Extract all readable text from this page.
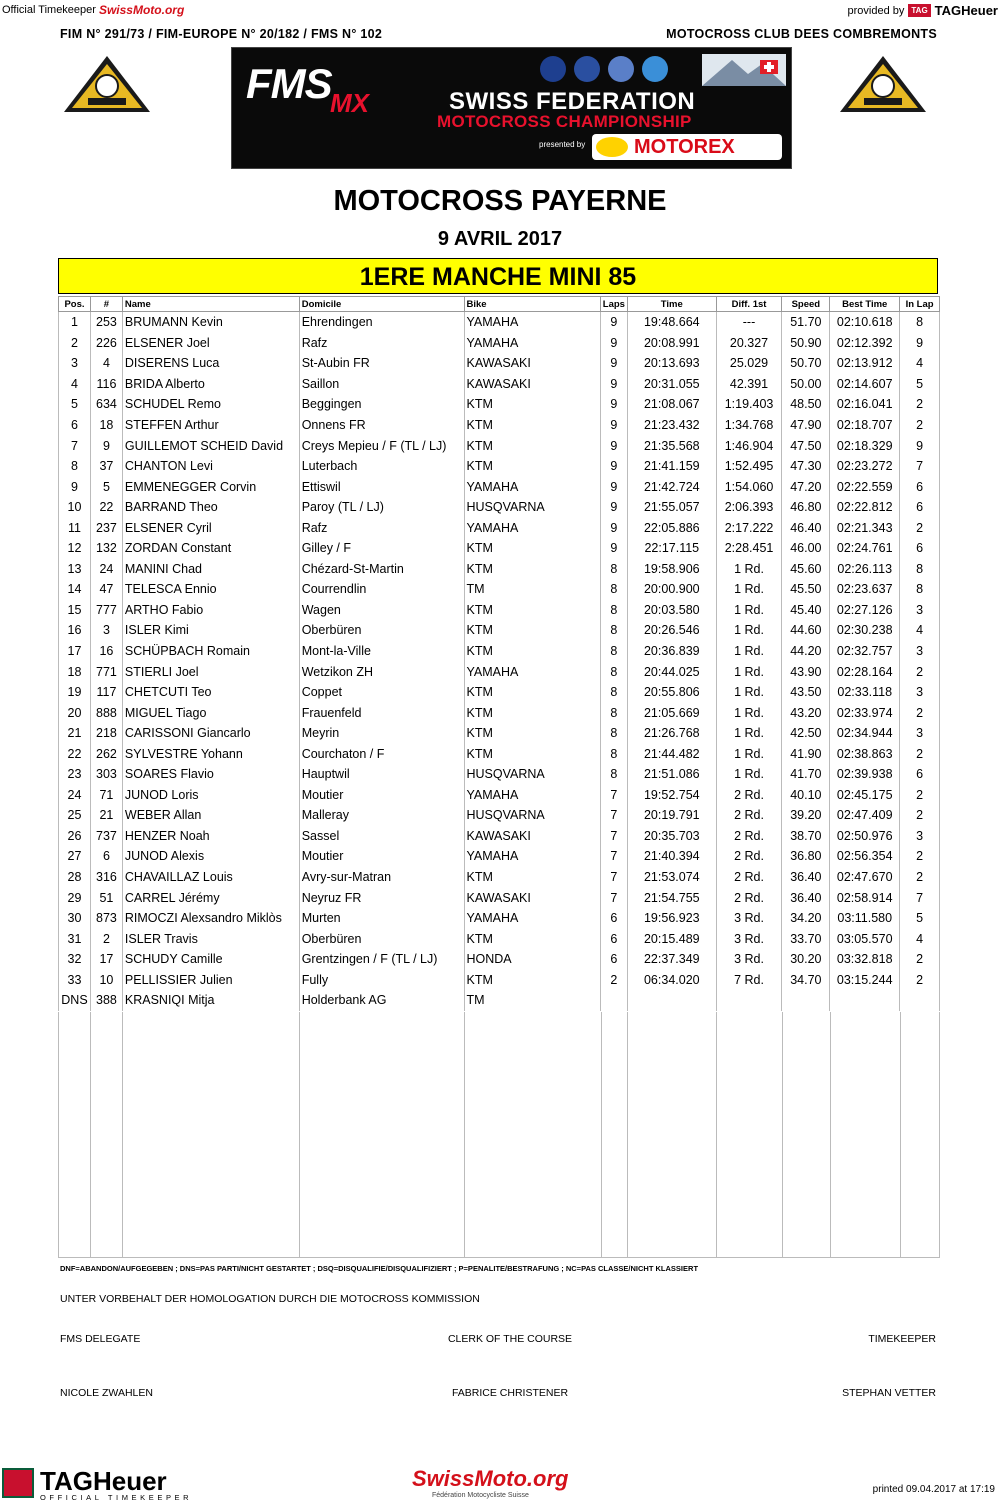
Official Timekeeper SwissMoto.org	provided by TAG TAGHeuer
FIM N° 291/73 / FIM-EUROPE N° 20/182 / FMS N° 102	MOTOCROSS CLUB DEES COMBREMONTS
FMS
MX	SWISS FEDERATION
MOTOCROSS CHAMPIONSHIP
presented by MOTOREX
MOTOCROSS PAYERNE
9 AVRIL 2017
1ERE MANCHE MINI 85
Pos.	#	Name	Domicile	Bike	Laps	Time	Diff. 1st	Speed	Best Time	In Lap
1	253	BRUMANN Kevin	Ehrendingen	YAMAHA	9	19:48.664	---	51.70	02:10.618	8
2	226	ELSENER Joel	Rafz	YAMAHA	9	20:08.991	20.327	50.90	02:12.392	9
3	4	DISERENS Luca	St-Aubin FR	KAWASAKI	9	20:13.693	25.029	50.70	02:13.912	4
4	116	BRIDA Alberto	Saillon	KAWASAKI	9	20:31.055	42.391	50.00	02:14.607	5
5	634	SCHUDEL Remo	Beggingen	KTM	9	21:08.067	1:19.403	48.50	02:16.041	2
6	18	STEFFEN Arthur	Onnens FR	KTM	9	21:23.432	1:34.768	47.90	02:18.707	2
7	9	GUILLEMOT SCHEID David	Creys Mepieu / F (TL / LJ)	KTM	9	21:35.568	1:46.904	47.50	02:18.329	9
8	37	CHANTON Levi	Luterbach	KTM	9	21:41.159	1:52.495	47.30	02:23.272	7
9	5	EMMENEGGER Corvin	Ettiswil	YAMAHA	9	21:42.724	1:54.060	47.20	02:22.559	6
10	22	BARRAND Theo	Paroy (TL / LJ)	HUSQVARNA	9	21:55.057	2:06.393	46.80	02:22.812	6
11	237	ELSENER Cyril	Rafz	YAMAHA	9	22:05.886	2:17.222	46.40	02:21.343	2
12	132	ZORDAN Constant	Gilley / F	KTM	9	22:17.115	2:28.451	46.00	02:24.761	6
13	24	MANINI Chad	Chézard-St-Martin	KTM	8	19:58.906	1 Rd.	45.60	02:26.113	8
14	47	TELESCA Ennio	Courrendlin	TM	8	20:00.900	1 Rd.	45.50	02:23.637	8
15	777	ARTHO Fabio	Wagen	KTM	8	20:03.580	1 Rd.	45.40	02:27.126	3
16	3	ISLER Kimi	Oberbüren	KTM	8	20:26.546	1 Rd.	44.60	02:30.238	4
17	16	SCHÜPBACH Romain	Mont-la-Ville	KTM	8	20:36.839	1 Rd.	44.20	02:32.757	3
18	771	STIERLI Joel	Wetzikon ZH	YAMAHA	8	20:44.025	1 Rd.	43.90	02:28.164	2
19	117	CHETCUTI Teo	Coppet	KTM	8	20:55.806	1 Rd.	43.50	02:33.118	3
20	888	MIGUEL Tiago	Frauenfeld	KTM	8	21:05.669	1 Rd.	43.20	02:33.974	2
21	218	CARISSONI Giancarlo	Meyrin	KTM	8	21:26.768	1 Rd.	42.50	02:34.944	3
22	262	SYLVESTRE Yohann	Courchaton / F	KTM	8	21:44.482	1 Rd.	41.90	02:38.863	2
23	303	SOARES Flavio	Hauptwil	HUSQVARNA	8	21:51.086	1 Rd.	41.70	02:39.938	6
24	71	JUNOD Loris	Moutier	YAMAHA	7	19:52.754	2 Rd.	40.10	02:45.175	2
25	21	WEBER Allan	Malleray	HUSQVARNA	7	20:19.791	2 Rd.	39.20	02:47.409	2
26	737	HENZER Noah	Sassel	KAWASAKI	7	20:35.703	2 Rd.	38.70	02:50.976	3
27	6	JUNOD Alexis	Moutier	YAMAHA	7	21:40.394	2 Rd.	36.80	02:56.354	2
28	316	CHAVAILLAZ Louis	Avry-sur-Matran	KTM	7	21:53.074	2 Rd.	36.40	02:47.670	2
29	51	CARREL Jérémy	Neyruz FR	KAWASAKI	7	21:54.755	2 Rd.	36.40	02:58.914	7
30	873	RIMOCZI Alexsandro Miklòs	Murten	YAMAHA	6	19:56.923	3 Rd.	34.20	03:11.580	5
31	2	ISLER Travis	Oberbüren	KTM	6	20:15.489	3 Rd.	33.70	03:05.570	4
32	17	SCHUDY Camille	Grentzingen / F (TL / LJ)	HONDA	6	22:37.349	3 Rd.	30.20	03:32.818	2
33	10	PELLISSIER Julien	Fully	KTM	2	06:34.020	7 Rd.	34.70	03:15.244	2
DNS	388	KRASNIQI Mitja	Holderbank AG	TM						
DNF=ABANDON/AUFGEGEBEN ; DNS=PAS PARTI/NICHT GESTARTET ; DSQ=DISQUALIFIE/DISQUALIFIZIERT ; P=PENALITE/BESTRAFUNG ; NC=PAS CLASSE/NICHT KLASSIERT
UNTER VORBEHALT DER HOMOLOGATION DURCH DIE MOTOCROSS KOMMISSION
FMS DELEGATE	CLERK OF THE COURSE	TIMEKEEPER
NICOLE ZWAHLEN	FABRICE CHRISTENER	STEPHAN VETTER
TAGHeuer
OFFICIAL TIMEKEEPER
SwissMoto.org
Fédération Motocycliste Suisse
printed 09.04.2017 at 17:19
